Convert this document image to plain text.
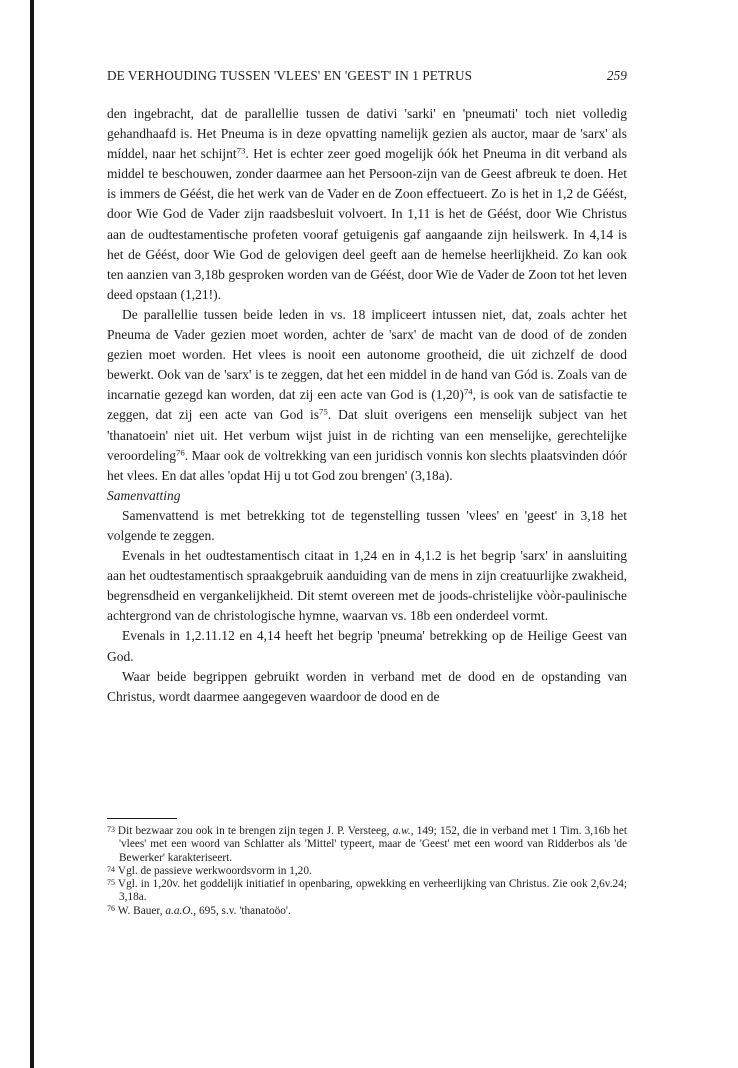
DE VERHOUDING TUSSEN 'VLEES' EN 'GEEST' IN 1 PETRUS	259

den ingebracht, dat de parallellie tussen de dativi 'sarki' en 'pneumati' toch niet volledig gehandhaafd is. Het Pneuma is in deze opvatting namelijk gezien als auctor, maar de 'sarx' als míddel, naar het schijnt$^{73}$. Het is echter zeer goed mogelijk óók het Pneuma in dit verband als middel te beschouwen, zonder daarmee aan het Persoon-zijn van de Geest afbreuk te doen. Het is immers de Géést, die het werk van de Vader en de Zoon effectueert. Zo is het in 1,2 de Géést, door Wie God de Vader zijn raadsbesluit volvoert. In 1,11 is het de Géést, door Wie Christus aan de oudtestamentische profeten vooraf getuigenis gaf aangaande zijn heilswerk. In 4,14 is het de Géést, door Wie God de gelovigen deel geeft aan de hemelse heerlijkheid. Zo kan ook ten aanzien van 3,18b gesproken worden van de Géést, door Wie de Vader de Zoon tot het leven deed opstaan (1,21!).

De parallellie tussen beide leden in vs. 18 impliceert intussen niet, dat, zoals achter het Pneuma de Vader gezien moet worden, achter de 'sarx' de macht van de dood of de zonden gezien moet worden. Het vlees is nooit een autonome grootheid, die uit zichzelf de dood bewerkt. Ook van de 'sarx' is te zeggen, dat het een middel in de hand van Gód is. Zoals van de incarnatie gezegd kan worden, dat zij een acte van God is $(1,20)^{74}$, is ook van de satisfactie te zeggen, dat zij een acte van God $is^{75}$. Dat sluit overigens een menselijk subject van het 'thanatoein' niet uit. Het verbum wijst juist in de richting van een menselijke, gerechtelijke veroordeling$^{76}$. Maar ook de voltrekking van een juridisch vonnis kon slechts plaatsvinden dóór het vlees. En dat alles 'opdat Hij u tot God zou brengen' (3,18a).

Samenvatting

Samenvattend is met betrekking tot de tegenstelling tussen 'vlees' en 'geest' in 3,18 het volgende te zeggen.

Evenals in het oudtestamentisch citaat in 1,24 en in 4,1.2 is het begrip 'sarx' in aansluiting aan het oudtestamentisch spraakgebruik aanduiding van de mens in zijn creatuurlijke zwakheid, begrensdheid en vergankelijkheid. Dit stemt overeen met de joods-christelijke vòòr-paulinische achtergrond van de christologische hymne, waarvan vs. 18b een onderdeel vormt.

Evenals in 1,2.11.12 en 4,14 heeft het begrip 'pneuma' betrekking op de Heilige Geest van God.

Waar beide begrippen gebruikt worden in verband met de dood en de opstanding van Christus, wordt daarmee aangegeven waardoor de dood en de

$^{73}$ Dit bezwaar zou ook in te brengen zijn tegen J. P. Versteeg, a.w., 149; 152, die in verband met 1 Tim. 3,16b het 'vlees' met een woord van Schlatter als 'Mittel' typeert, maar de 'Geest' met een woord van Ridderbos als 'de Bewerker' karakteriseert.

$^{74}$ Vgl. de passieve werkwoordsvorm in 1,20.

$^{75}$ Vgl. in 1,20v. het goddelijk initiatief in openbaring, opwekking en verheerlijking van Christus. Zie ook 2,6v.24; 3,18a.

$^{76}$ W. Bauer, a.a.O., 695, s.v. 'thanatoöo'.
